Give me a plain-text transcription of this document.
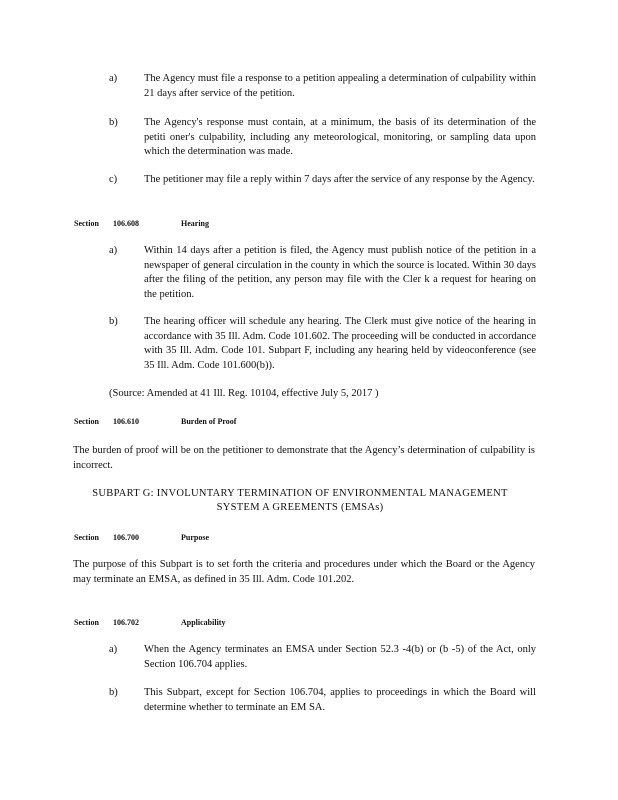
a)	The Agency must file a response to a petition appealing a determination of culpability within 21 days after service of the petition.
b)	The Agency's response must contain, at a minimum, the basis of its determination of the petiti oner's culpability, including any meteorological, monitoring, or sampling data upon which the determination was made.
c)	The petitioner may file a reply within 7 days after the service of any response by the Agency.
Section 106.608	Hearing
a)	Within 14 days after a petition is filed, the Agency must publish notice of the petition in a newspaper of general circulation in the county in which the source is located. Within 30 days after the filing of the petition, any person may file with the Cler k a request for hearing on the petition.
b)	The hearing officer will schedule any hearing. The Clerk must give notice of the hearing in accordance with 35 Ill. Adm. Code 101.602. The proceeding will be conducted in accordance with 35 Ill. Adm. Code 101. Subpart F, including any hearing held by videoconference (see 35 Ill. Adm. Code 101.600(b)).
(Source: Amended at 41 Ill. Reg. 10104, effective July 5, 2017 )
Section 106.610	Burden of Proof
The burden of proof will be on the petitioner to demonstrate that the Agency’s determination of culpability is incorrect.
SUBPART G: INVOLUNTARY TERMINATION OF ENVIRONMENTAL MANAGEMENT
SYSTEM A GREEMENTS (EMSAs)
Section 106.700	Purpose
The purpose of this Subpart is to set forth the criteria and procedures under which the Board or the Agency may terminate an EMSA, as defined in 35 Ill. Adm. Code 101.202.
Section 106.702	Applicability
a)	When the Agency terminates an EMSA under Section 52.3 -4(b) or (b -5) of the Act, only Section 106.704 applies.
b)	This Subpart, except for Section 106.704, applies to proceedings in which the Board will determine whether to terminate an EM SA.
